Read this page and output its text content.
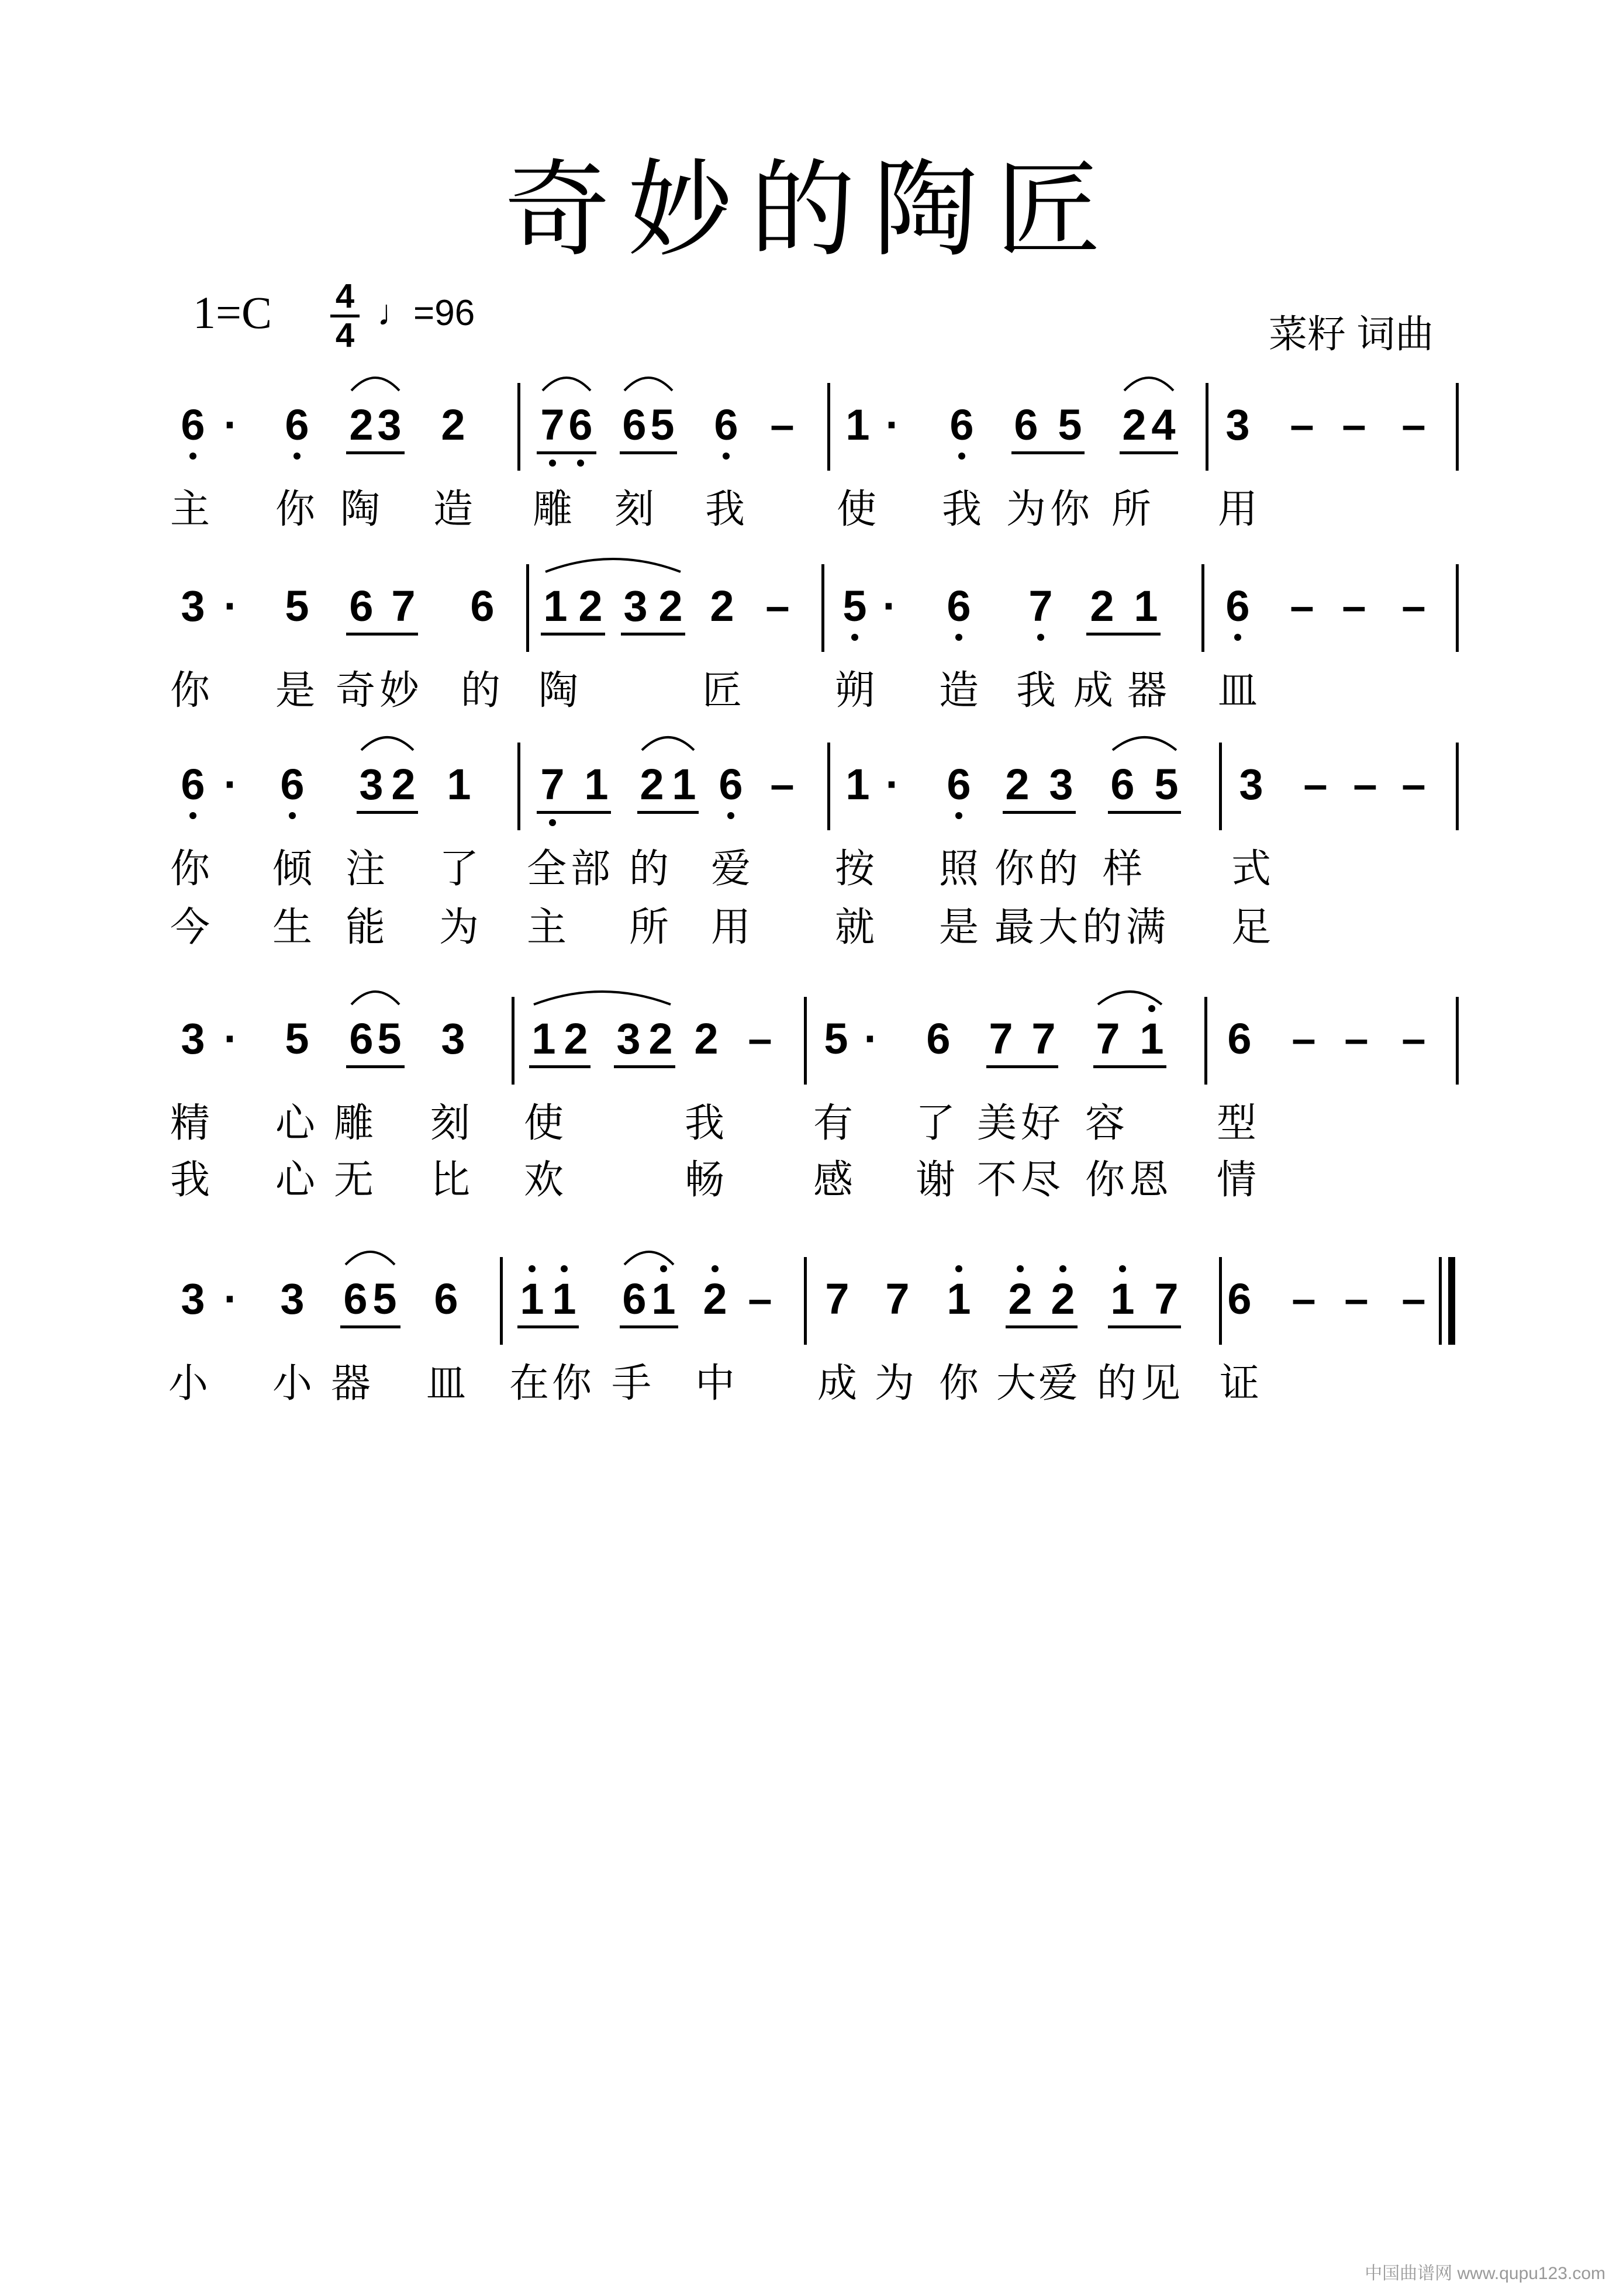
奇妙的陶匠
1=C 4
4
♩=96	菜籽 词曲
6 · 6 2 3 2 7 6 6 5 6 – 1 · 6 6 5 2 4 3 – – –
主 你 陶 造 雕 刻 我 使 我 为 你 所 用
3 · 5 6 7 6 1 2 3 2 2 – 5 · 6 7 2 1 6 – – –
你 是 奇 妙 的 陶	匠 朔 造 我 成 器 皿
6 · 6 3 2 1 7 1 2 1 6 – 1 · 6 2 3 6 5 3 – – –
你 倾 注 了 全 部 的 爱 按 照 你 的 样 式
今 生 能 为 主 所 用 就 是 最 大 的 满 足
3 · 5 6 5 3 1 2 3 2 2 – 5 · 6 7 7 7 1 6 – – –
精 心 雕 刻 使	我 有 了 美 好 容 型
我 心 无 比 欢	畅 感 谢 不 尽 你 恩 情
3 · 3 6 5 6 1 1 6 1 2 – 7 7 1 2 2 1 7 6 – – –
小 小 器 皿 在 你 手 中 成 为 你 大 爱 的 见 证
中国曲谱网 www.qupu123.com
